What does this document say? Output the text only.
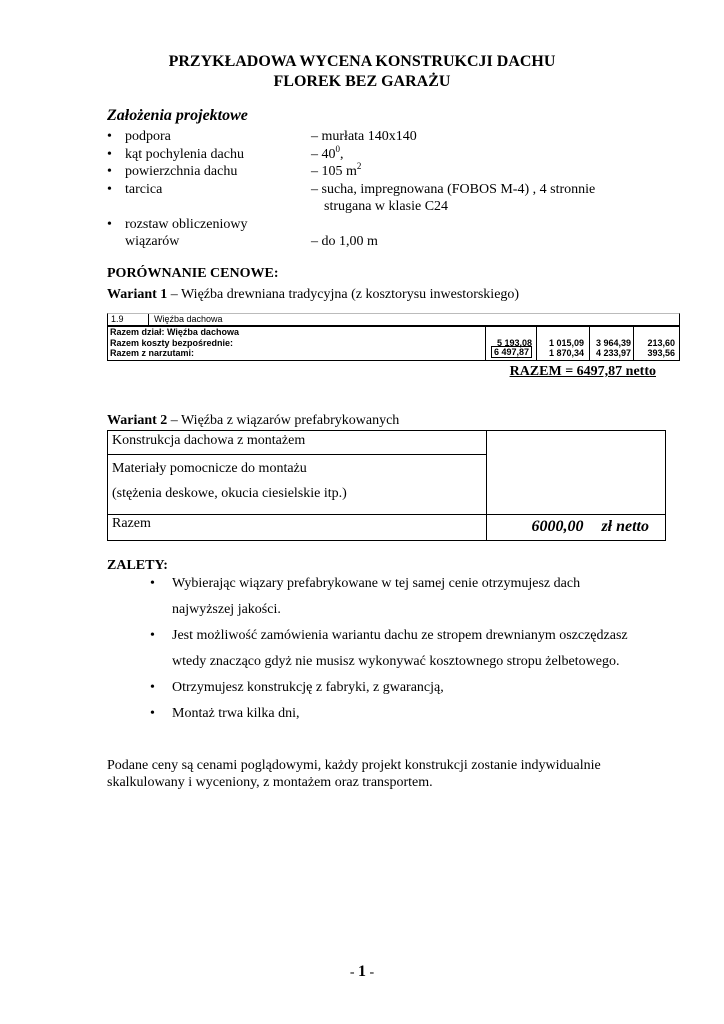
PRZYKŁADOWA WYCENA KONSTRUKCJI DACHU
FLOREK BEZ GARAŻU
Założenia projektowe
• podpora	– murłata 140x140
• kąt pochylenia dachu	– $40^0$,
• powierzchnia dachu	– 105 $m^2$
• tarcica	– sucha, impregnowana (FOBOS M-4) , 4 stronnie
strugana w klasie C24
• rozstaw obliczeniowy
wiązarów	– do 1,00 m
PORÓWNANIE CENOWE:
Wariant 1 – Więźba drewniana tradycyjna (z kosztorysu inwestorskiego)
1.9	Więźba dachowa
Razem dział: Więźba dachowa
Razem koszty bezpośrednie:	5 193,08	1 015,09	3 964,39	213,60
Razem z narzutami:	6 497,87	1 870,34	4 233,97	393,56
RAZEM = 6497,87 netto
Wariant 2 – Więźba z wiązarów prefabrykowanych
Konstrukcja dachowa z montażem
Materiały pomocnicze do montażu
(stężenia deskowe, okucia ciesielskie itp.)
Razem	6000,00 zł netto
ZALETY:
• Wybierając wiązary prefabrykowane w tej samej cenie otrzymujesz dach
najwyższej jakości.
• Jest możliwość zamówienia wariantu dachu ze stropem drewnianym oszczędzasz
wtedy znacząco gdyż nie musisz wykonywać kosztownego stropu żelbetowego.
• Otrzymujesz konstrukcję z fabryki, z gwarancją,
• Montaż trwa kilka dni,
Podane ceny są cenami poglądowymi, każdy projekt konstrukcji zostanie indywidualnie skalkulowany i wyceniony, z montażem oraz transportem.
- 1 -
